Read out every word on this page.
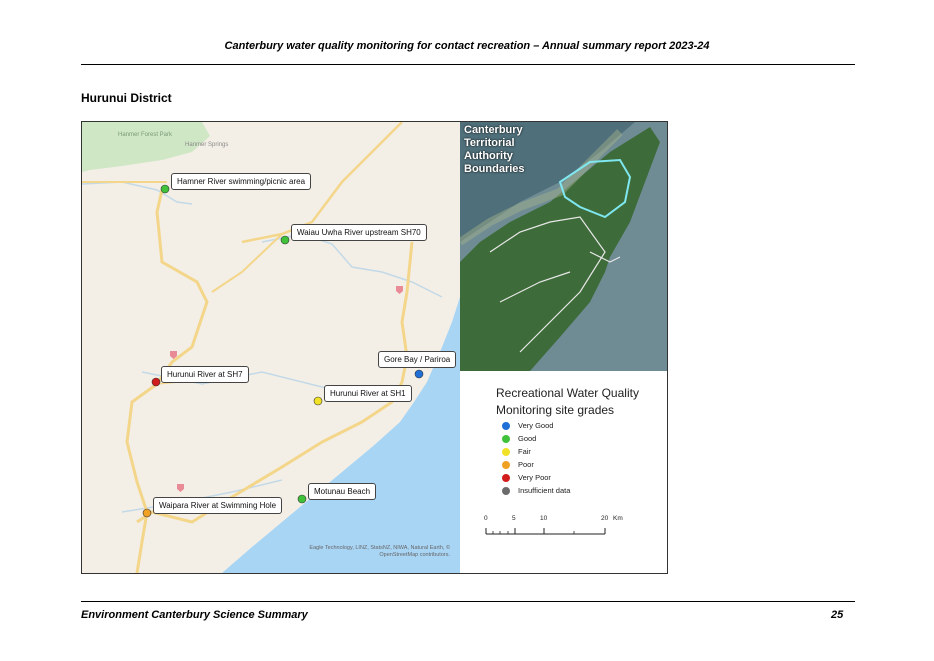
Canterbury water quality monitoring for contact recreation – Annual summary report 2023-24
Hurunui District
Hanmer Forest Park
Hanmer Springs
Hamner River swimming/picnic area
Waiau Uwha River upstream SH70
Gore Bay / Pariroa
Hurunui River at SH7
Hurunui River at SH1
Motunau Beach
Waipara River at Swimming Hole
Eagle Technology, LINZ, StatsNZ, NIWA, Natural Earth, ©
OpenStreetMap contributors.
Canterbury
Territorial
Authority
Boundaries
Recreational Water Quality
Monitoring site grades
Very Good
Good
Fair
Poor
Very Poor
Insufficient data
0	5	10	20 Km
Environment Canterbury Science Summary	25
